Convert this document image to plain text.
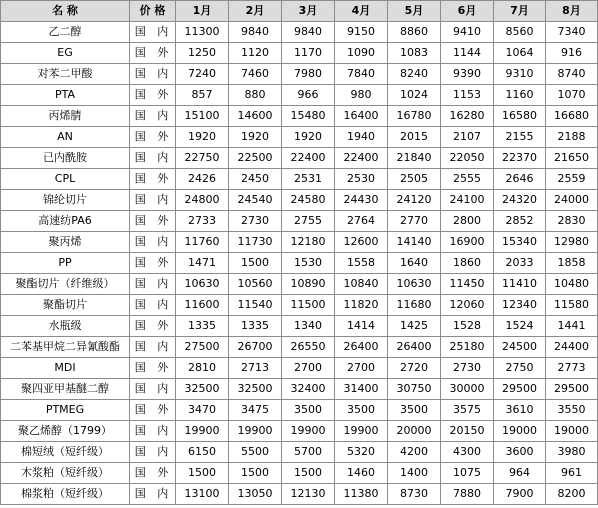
名 称	价 格	1月	2月	3月	4月	5月	6月	7月	8月
乙二醇	国 内	11300	9840	9840	9150	8860	9410	8560	7340
EG	国 外	1250	1120	1170	1090	1083	1144	1064	916
对苯二甲酸	国 内	7240	7460	7980	7840	8240	9390	9310	8740
PTA	国 外	857	880	966	980	1024	1153	1160	1070
丙烯腈	国 内	15100	14600	15480	16400	16780	16280	16580	16680
AN	国 外	1920	1920	1920	1940	2015	2107	2155	2188
已内酰胺	国 内	22750	22500	22400	22400	21840	22050	22370	21650
CPL	国 外	2426	2450	2531	2530	2505	2555	2646	2559
锦纶切片	国 内	24800	24540	24580	24430	24120	24100	24320	24000
高速纺PA6	国 外	2733	2730	2755	2764	2770	2800	2852	2830
聚丙烯	国 内	11760	11730	12180	12600	14140	16900	15340	12980
PP	国 外	1471	1500	1530	1558	1640	1860	2033	1858
聚酯切片（纤维级）	国 内	10630	10560	10890	10840	10630	11450	11410	10480
聚酯切片	国 内	11600	11540	11500	11820	11680	12060	12340	11580
水瓶级	国 外	1335	1335	1340	1414	1425	1528	1524	1441
二苯基甲烷二异氰酸酯	国 内	27500	26700	26550	26400	26400	25180	24500	24400
MDI	国 外	2810	2713	2700	2700	2720	2730	2750	2773
聚四亚甲基醚二醇	国 内	32500	32500	32400	31400	30750	30000	29500	29500
PTMEG	国 外	3470	3475	3500	3500	3500	3575	3610	3550
聚乙烯醇（1799）	国 内	19900	19900	19900	19900	20000	20150	19000	19000
棉短绒（短纤级）	国 内	6150	5500	5700	5320	4200	4300	3600	3980
木浆粕（短纤级）	国 外	1500	1500	1500	1460	1400	1075	964	961
棉浆粕（短纤级）	国 内	13100	13050	12130	11380	8730	7880	7900	8200
